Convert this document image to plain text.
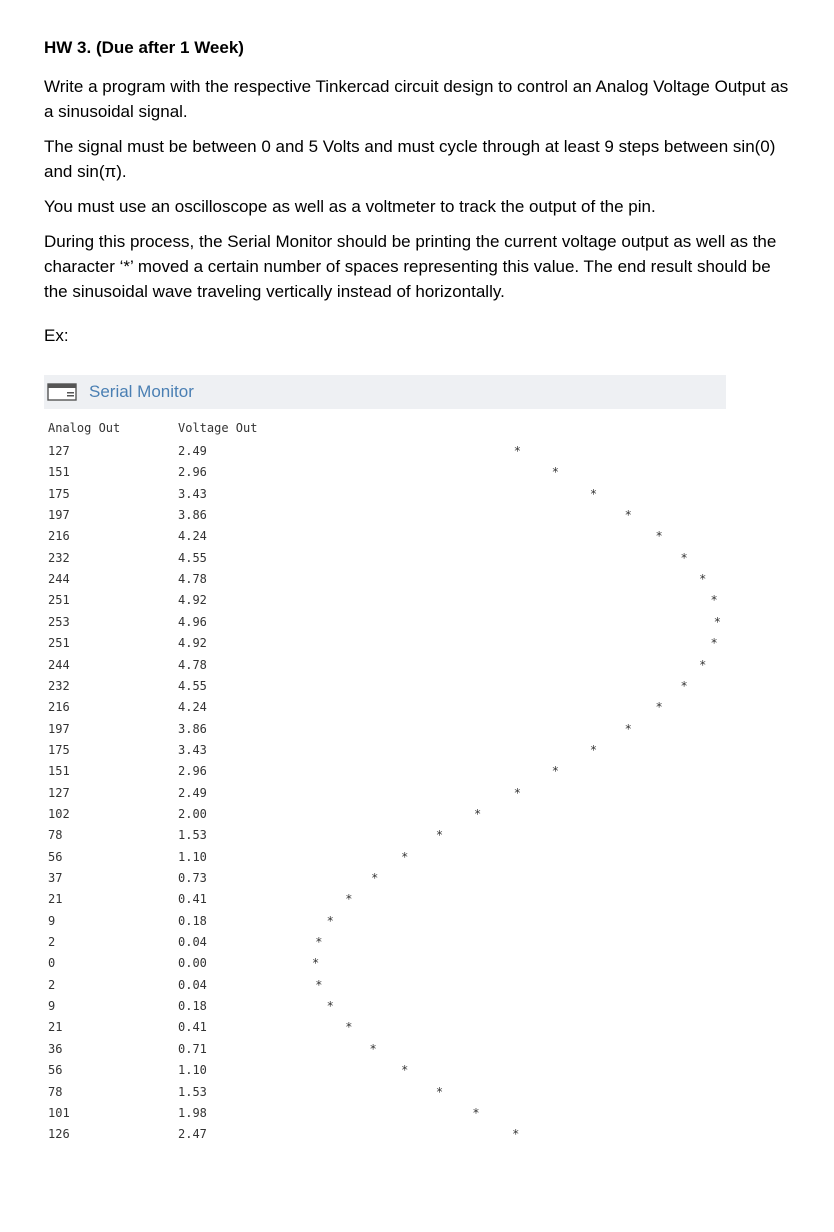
HW 3. (Due after 1 Week)

Write a program with the respective Tinkercad circuit design to control an Analog Voltage Output as a sinusoidal signal.

The signal must be between 0 and 5 Volts and must cycle through at least 9 steps between sin(0) and sin(π).

You must use an oscilloscope as well as a voltmeter to track the output of the pin.

During this process, the Serial Monitor should be printing the current voltage output as well as the character ‘*’ moved a certain number of spaces representing this value. The end result should be the sinusoidal wave traveling vertically instead of horizontally.

Ex:
Serial Monitor
Analog Out	Voltage Out
127	2.49	*
151	2.96	*
175	3.43	*
197	3.86	*
216	4.24	*
232	4.55	*
244	4.78	*
251	4.92	*
253	4.96	*
251	4.92	*
244	4.78	*
232	4.55	*
216	4.24	*
197	3.86	*
175	3.43	*
151	2.96	*
127	2.49	*
102	2.00	*
78	1.53	*
56	1.10	*
37	0.73	*
21	0.41	*
9	0.18	*
2	0.04	*
0	0.00	*
2	0.04	*
9	0.18	*
21	0.41	*
36	0.71	*
56	1.10	*
78	1.53	*
101	1.98	*
126	2.47	*
